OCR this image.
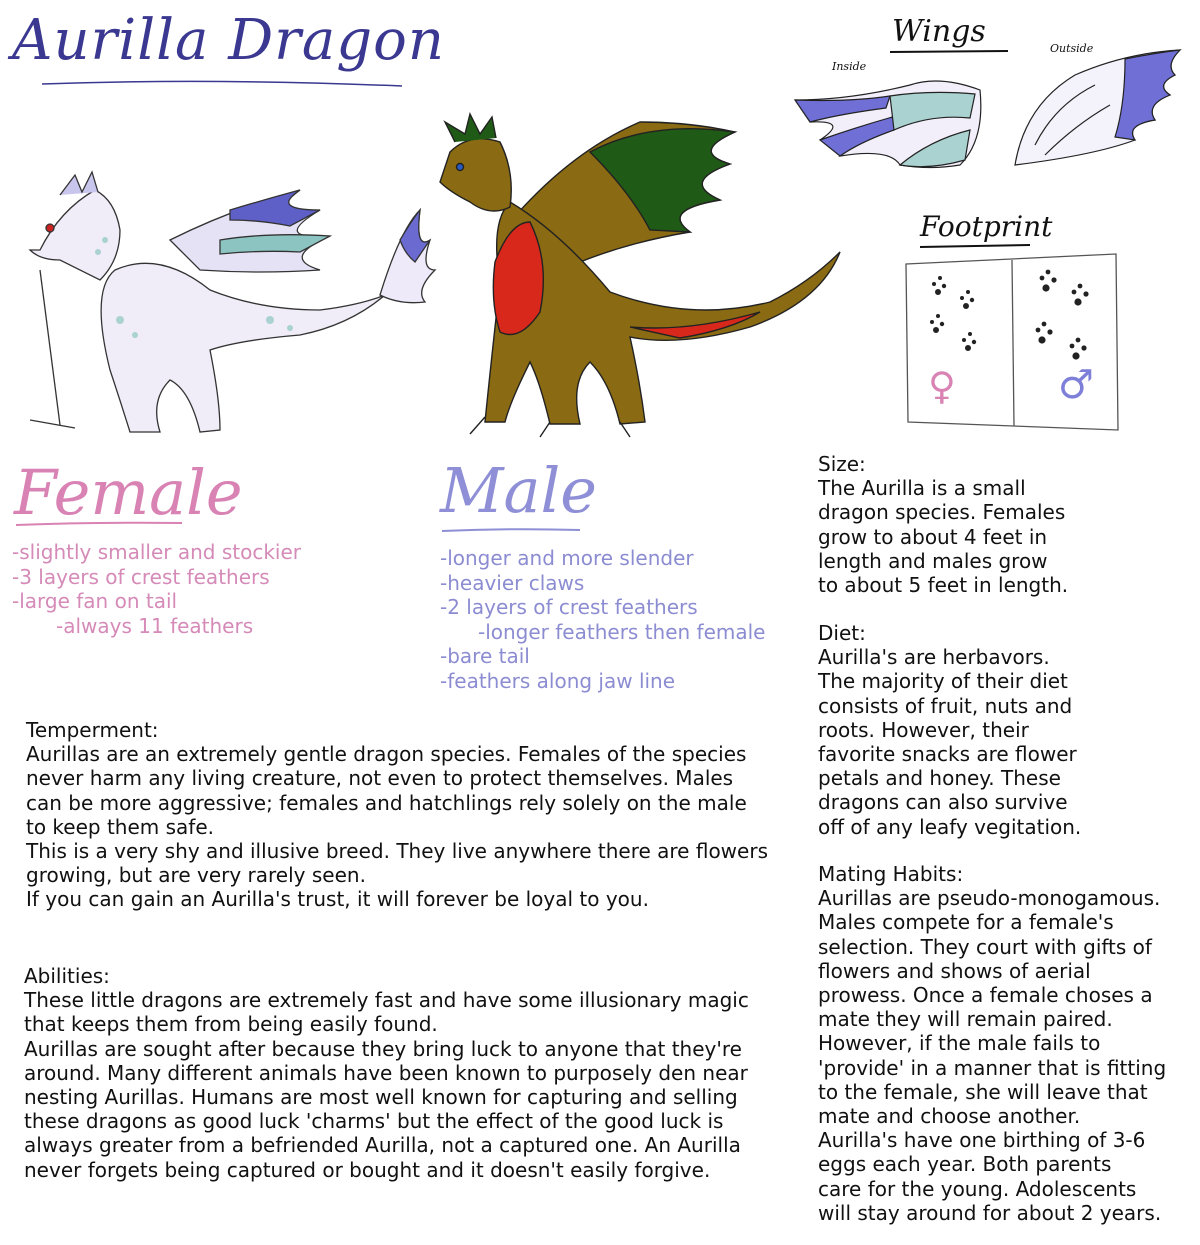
Aurilla Dragon	Wings
Inside
Outside
Footprint
♀	♂
Female
-slightly smaller and stockier
-3 layers of crest feathers
-large fan on tail
-always 11 feathers
Male
-longer and more slender
-heavier claws
-2 layers of crest feathers
-longer feathers then female
-bare tail
-feathers along jaw line

Temperment:

Aurillas are an extremely gentle dragon species. Females of the species
never harm any living creature, not even to protect themselves. Males
can be more aggressive; females and hatchlings rely solely on the male
to keep them safe.
This is a very shy and illusive breed. They live anywhere there are flowers
growing, but are very rarely seen.
If you can gain an Aurilla's trust, it will forever be loyal to you.

Abilities:

These little dragons are extremely fast and have some illusionary magic
that keeps them from being easily found.
Aurillas are sought after because they bring luck to anyone that they're
around. Many different animals have been known to purposely den near
nesting Aurillas. Humans are most well known for capturing and selling
these dragons as good luck 'charms' but the effect of the good luck is
always greater from a befriended Aurilla, not a captured one. An Aurilla
never forgets being captured or bought and it doesn't easily forgive.

Size:

The Aurilla is a small
dragon species. Females
grow to about 4 feet in
length and males grow
to about 5 feet in length.

Diet:

Aurilla's are herbavors.
The majority of their diet
consists of fruit, nuts and
roots. However, their
favorite snacks are flower
petals and honey. These
dragons can also survive
off of any leafy vegitation.

Mating Habits:

Aurillas are pseudo-monogamous.
Males compete for a female's
selection. They court with gifts of
flowers and shows of aerial
prowess. Once a female choses a
mate they will remain paired.
However, if the male fails to
'provide' in a manner that is fitting
to the female, she will leave that
mate and choose another.
Aurilla's have one birthing of 3-6
eggs each year. Both parents
care for the young. Adolescents
will stay around for about 2 years.
